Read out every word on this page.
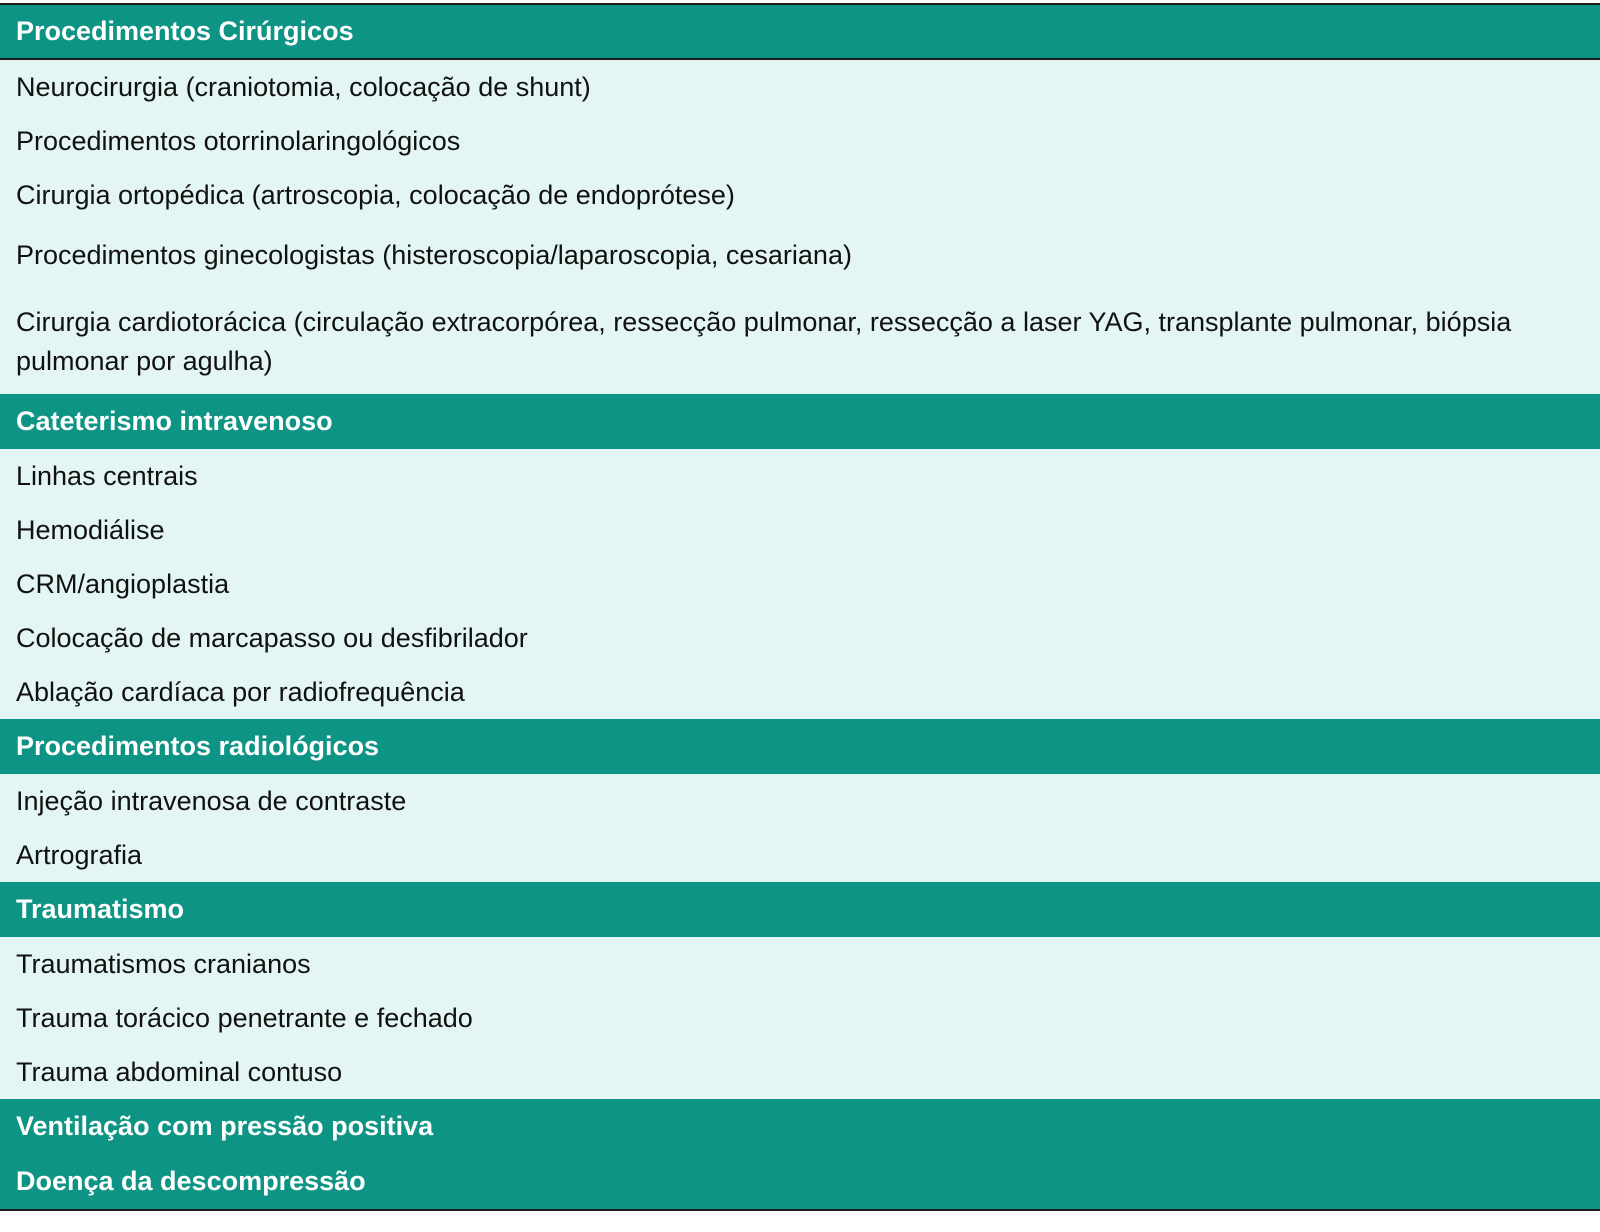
Procedimentos Cirúrgicos
Neurocirurgia (craniotomia, colocação de shunt)
Procedimentos otorrinolaringológicos
Cirurgia ortopédica (artroscopia, colocação de endoprótese)
Procedimentos ginecologistas (histeroscopia/laparoscopia, cesariana)
Cirurgia cardiotorácica (circulação extracorpórea, ressecção pulmonar, ressecção a laser YAG, transplante pulmonar, biópsia pulmonar por agulha)
Cateterismo intravenoso
Linhas centrais
Hemodiálise
CRM/angioplastia
Colocação de marcapasso ou desfibrilador
Ablação cardíaca por radiofrequência
Procedimentos radiológicos
Injeção intravenosa de contraste
Artrografia
Traumatismo
Traumatismos cranianos
Trauma torácico penetrante e fechado
Trauma abdominal contuso
Ventilação com pressão positiva
Doença da descompressão
